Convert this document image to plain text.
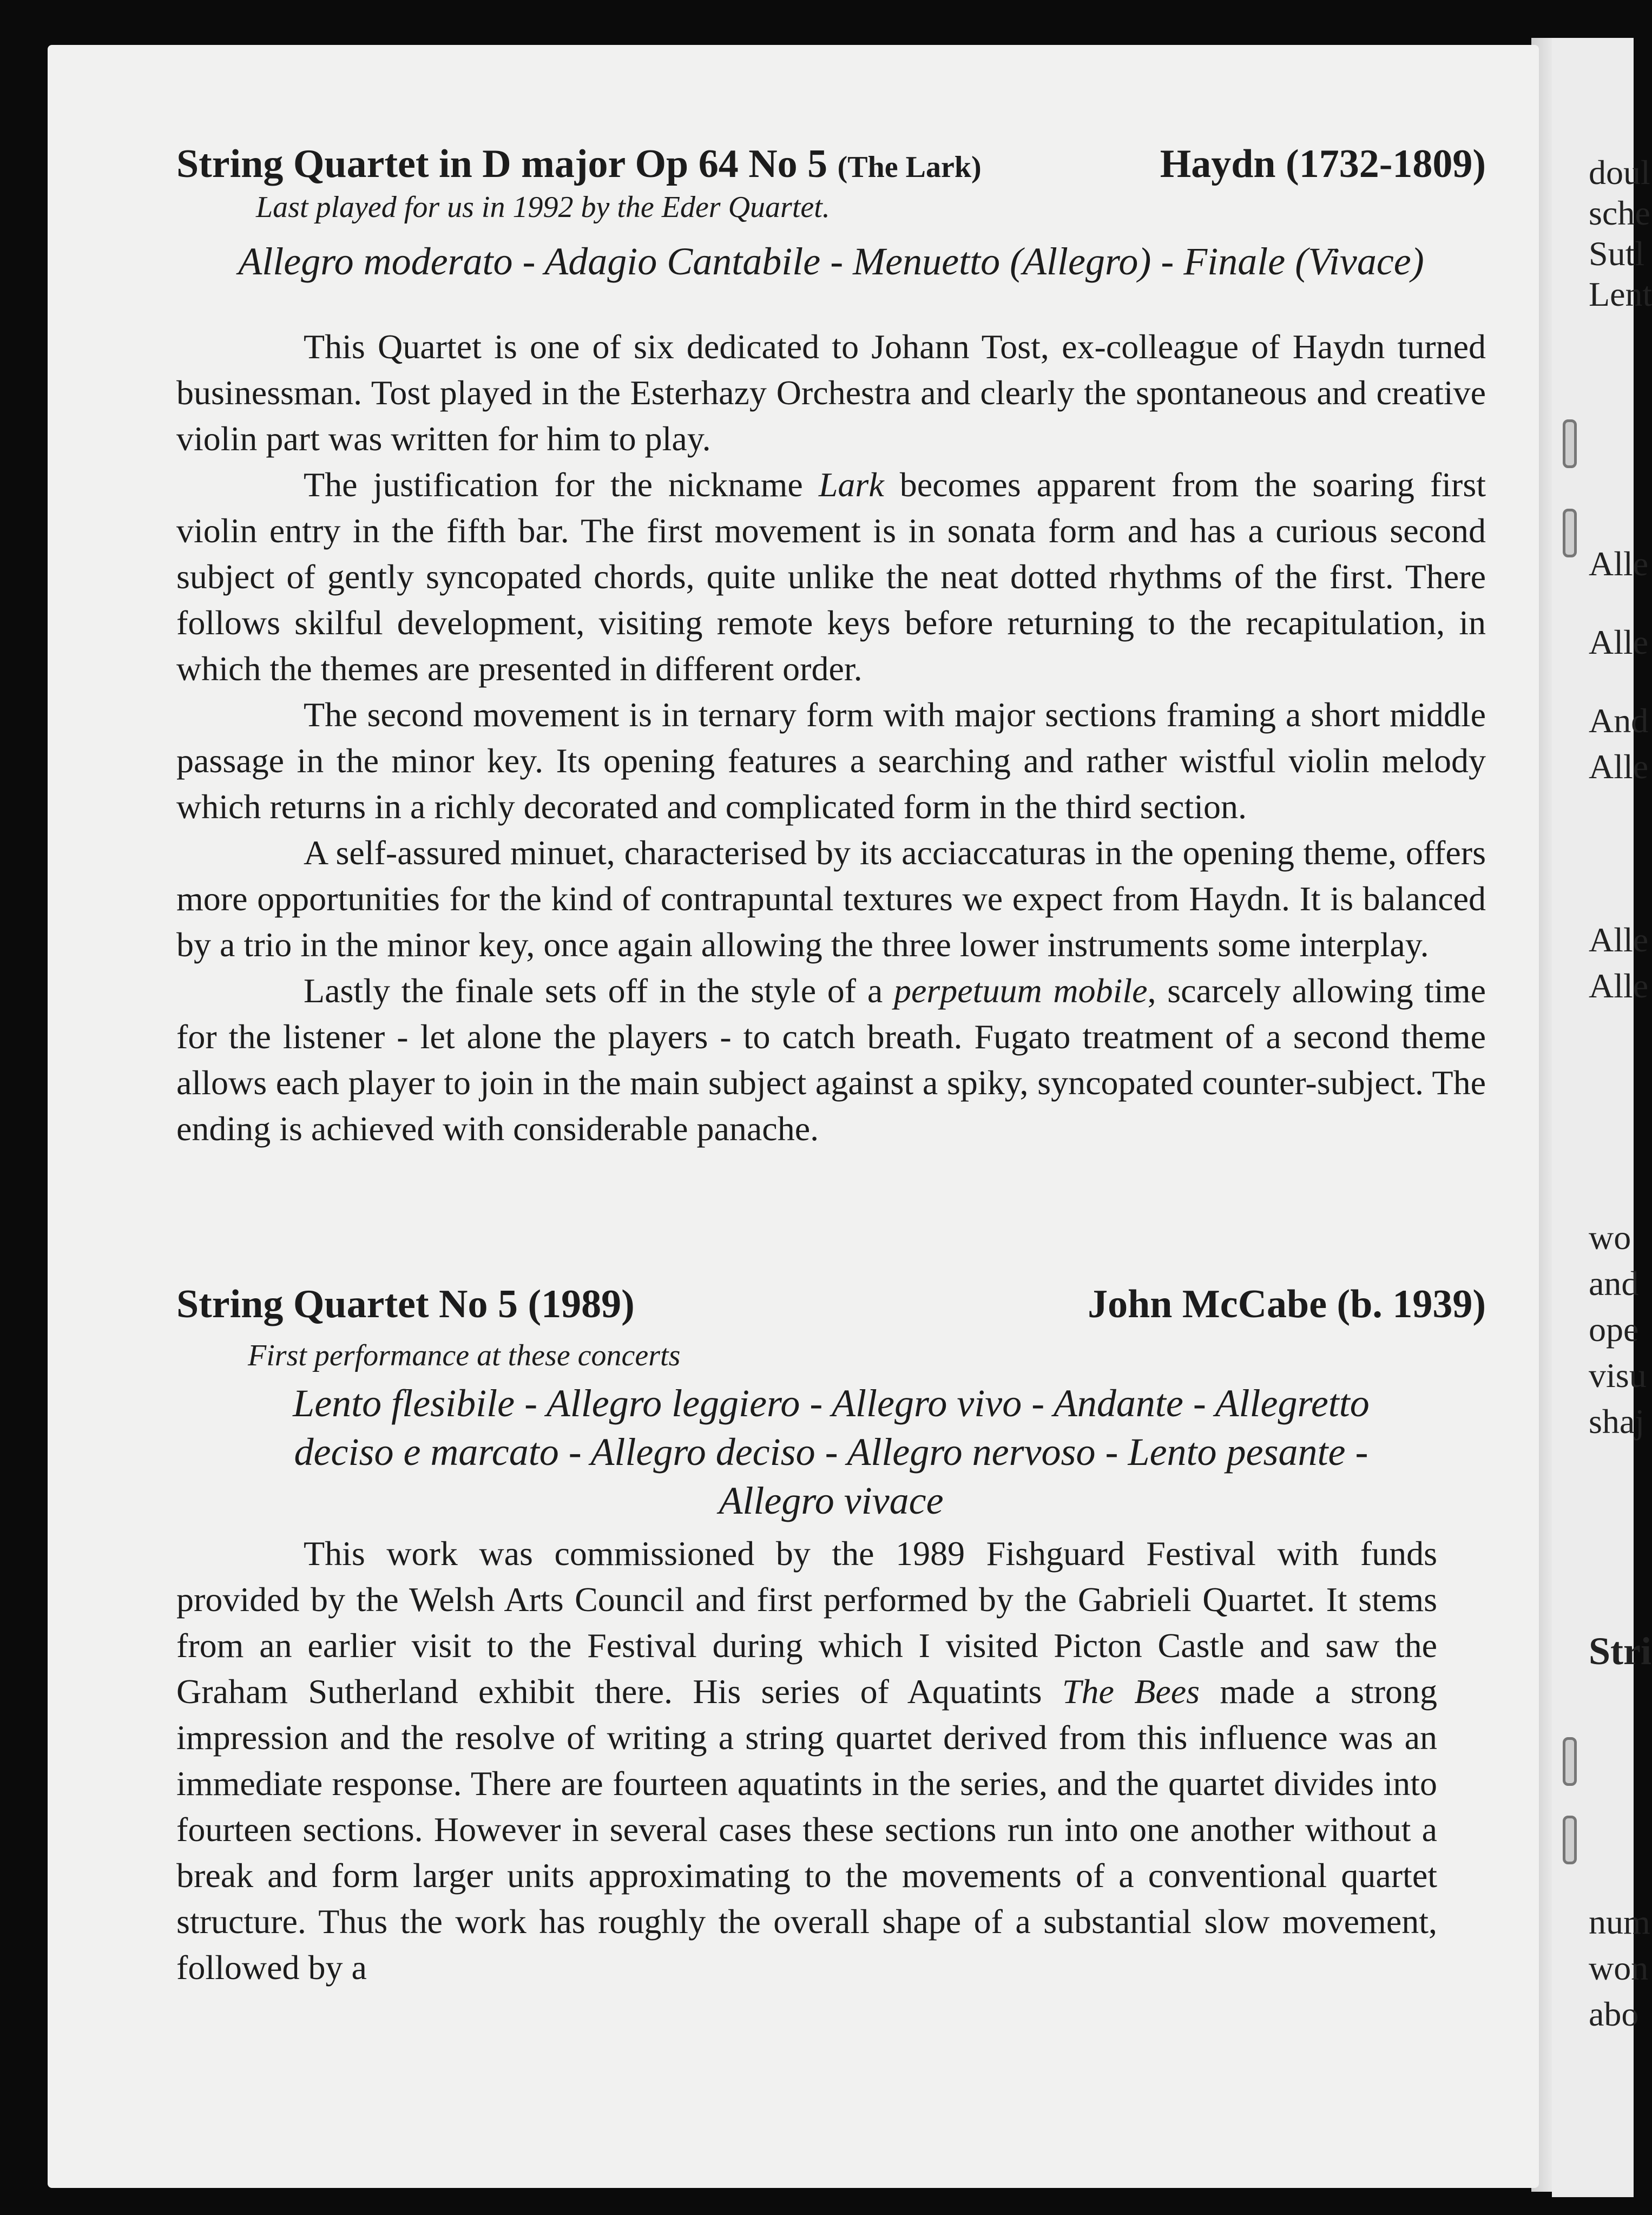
doul
sche
Sutl
Lent
Alle
Alle
And
Alle
Alle
Alle
wo
and
ope
visu
shaj
Stri
num
won
abo
String Quartet in D major Op 64 No 5 (The Lark)	Haydn (1732-1809)
Last played for us in 1992 by the Eder Quartet.
Allegro moderato - Adagio Cantabile - Menuetto (Allegro) - Finale (Vivace)

This Quartet is one of six dedicated to Johann Tost, ex-colleague of Haydn turned businessman. Tost played in the Esterhazy Orchestra and clearly the spontaneous and creative violin part was written for him to play.

The justification for the nickname Lark becomes apparent from the soaring first violin entry in the fifth bar. The first movement is in sonata form and has a curious second subject of gently syncopated chords, quite unlike the neat dotted rhythms of the first. There follows skilful development, visiting remote keys before returning to the recapitulation, in which the themes are presented in different order.

The second movement is in ternary form with major sections framing a short middle passage in the minor key. Its opening features a searching and rather wistful violin melody which returns in a richly decorated and complicated form in the third section.

A self-assured minuet, characterised by its acciaccaturas in the opening theme, offers more opportunities for the kind of contrapuntal textures we expect from Haydn. It is balanced by a trio in the minor key, once again allowing the three lower instruments some interplay.

Lastly the finale sets off in the style of a perpetuum mobile, scarcely allowing time for the listener - let alone the players - to catch breath. Fugato treatment of a second theme allows each player to join in the main subject against a spiky, syncopated counter-subject. The ending is achieved with considerable panache.

String Quartet No 5 (1989)	John McCabe (b. 1939)
First performance at these concerts
Lento flesibile - Allegro leggiero - Allegro vivo - Andante - Allegretto
deciso e marcato - Allegro deciso - Allegro nervoso - Lento pesante -
Allegro vivace

This work was commissioned by the 1989 Fishguard Festival with funds provided by the Welsh Arts Council and first performed by the Gabrieli Quartet. It stems from an earlier visit to the Festival during which I visited Picton Castle and saw the Graham Sutherland exhibit there. His series of Aquatints The Bees made a strong impression and the resolve of writing a string quartet derived from this influence was an immediate response. There are fourteen aquatints in the series, and the quartet divides into fourteen sections. However in several cases these sections run into one another without a break and form larger units approximating to the movements of a conventional quartet structure. Thus the work has roughly the overall shape of a substantial slow movement, followed by a
